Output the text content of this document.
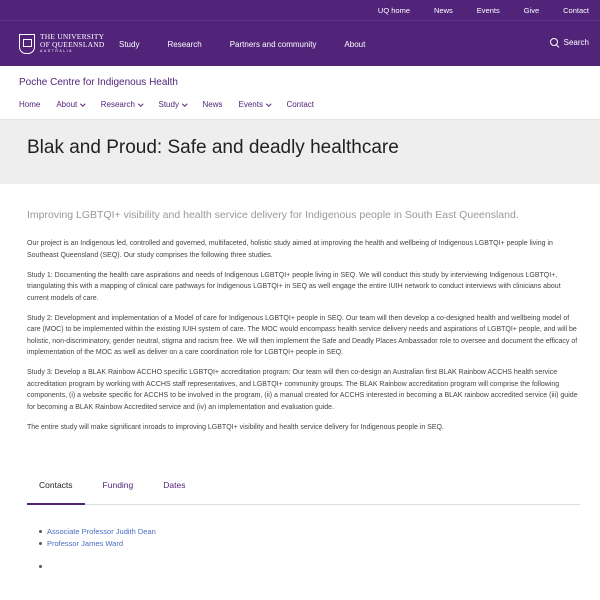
UQ home	News	Events	Give	Contact
THE UNIVERSITY
OF QUEENSLAND
AUSTRALIA
Study	Research	Partners and community	About	Search
Poche Centre for Indigenous Health
Home About	Research	Study	News Events	Contact
Blak and Proud: Safe and deadly healthcare
Improving LGBTQI+ visibility and health service delivery for Indigenous people in South East Queensland.

Our project is an Indigenous led, controlled and governed, multifaceted, holistic study aimed at improving the health and wellbeing of Indigenous LGBTQI+ people living in Southeast Queensland (SEQ). Our study comprises the following three studies.

Study 1: Documenting the health care aspirations and needs of Indigenous LGBTQI+ people living in SEQ. We will conduct this study by interviewing Indigenous LGBTQI+, triangulating this with a mapping of clinical care pathways for Indigenous LGBTQI+ in SEQ as well engage the entire IUIH network to conduct interviews with clinicians about current models of care.

Study 2: Development and implementation of a Model of care for Indigenous LGBTQI+ people in SEQ. Our team will then develop a co-designed health and wellbeing model of care (MOC) to be implemented within the existing IUIH system of care. The MOC would encompass health service delivery needs and aspirations of LGBTQI+ people, and will be holistic, non-discriminatory, gender neutral, stigma and racism free. We will then implement the Safe and Deadly Places Ambassador role to oversee and document the efficacy of implementation of the MOC as well as deliver on a care coordination role for LGBTQI+ people in SEQ.

Study 3: Develop a BLAK Rainbow ACCHO specific LGBTQI+ accreditation program: Our team will then co-design an Australian first BLAK Rainbow ACCHS health service accreditation program by working with ACCHS staff representatives, and LGBTQI+ community groups. The BLAK Rainbow accreditation program will comprise the following components, (i) a website specific for ACCHS to be involved in the program, (ii) a manual created for ACCHS interested in becoming a BLAK rainbow accredited service (iii) guide for becoming a BLAK Rainbow Accredited service and (iv) an implementation and evaluation guide.

The entire study will make significant inroads to improving LGBTQI+ visibility and health service delivery for Indigenous people in SEQ.

Contacts	Funding	Dates
Associate Professor Judith Dean
Professor James Ward
